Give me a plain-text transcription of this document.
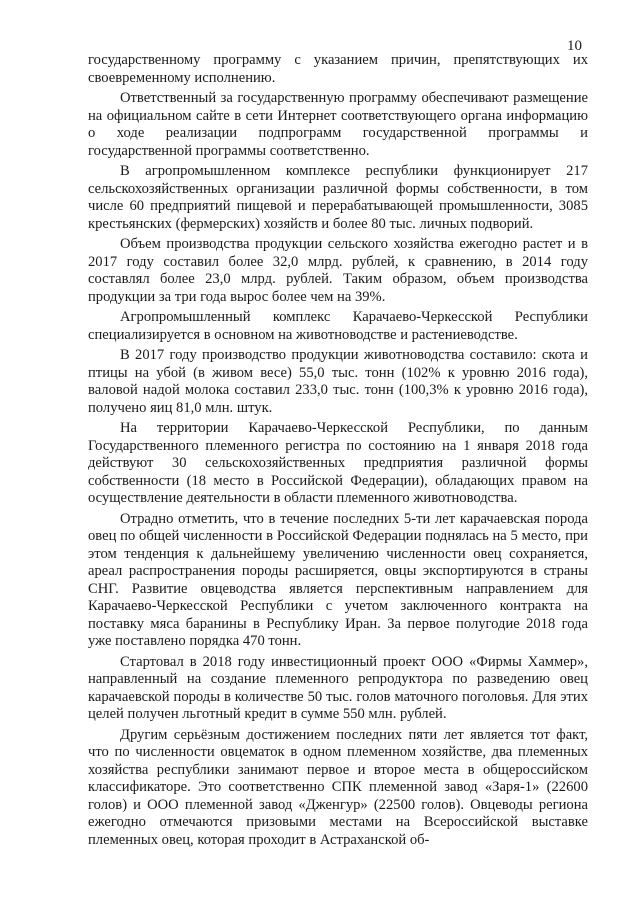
10

государственному программу с указанием причин, препятствующих их своевременному исполнению.

Ответственный за государственную программу обеспечивают размещение на официальном сайте в сети Интернет соответствующего органа информацию о ходе реализации подпрограмм государственной программы и государственной программы соответственно.

В агропромышленном комплексе республики функционирует 217 сельскохозяйственных организации различной формы собственности, в том числе 60 предприятий пищевой и перерабатывающей промышленности, 3085 крестьянских (фермерских) хозяйств и более 80 тыс. личных подворий.

Объем производства продукции сельского хозяйства ежегодно растет и в 2017 году составил более 32,0 млрд. рублей, к сравнению, в 2014 году составлял более 23,0 млрд. рублей. Таким образом, объем производства продукции за три года вырос более чем на 39%.

Агропромышленный комплекс Карачаево-Черкесской Республики специализируется в основном на животноводстве и растениеводстве.

В 2017 году производство продукции животноводства составило: скота и птицы на убой (в живом весе) 55,0 тыс. тонн (102% к уровню 2016 года), валовой надой молока составил 233,0 тыс. тонн (100,3% к уровню 2016 года), получено яиц 81,0 млн. штук.

На территории Карачаево-Черкесской Республики, по данным Государственного племенного регистра по состоянию на 1 января 2018 года действуют 30 сельскохозяйственных предприятия различной формы собственности (18 место в Российской Федерации), обладающих правом на осуществление деятельности в области племенного животноводства.

Отрадно отметить, что в течение последних 5-ти лет карачаевская порода овец по общей численности в Российской Федерации поднялась на 5 место, при этом тенденция к дальнейшему увеличению численности овец сохраняется, ареал распространения породы расширяется, овцы экспортируются в страны СНГ. Развитие овцеводства является перспективным направлением для Карачаево-Черкесской Республики с учетом заключенного контракта на поставку мяса баранины в Республику Иран. За первое полугодие 2018 года уже поставлено порядка 470 тонн.

Стартовал в 2018 году инвестиционный проект ООО «Фирмы Хаммер», направленный на создание племенного репродуктора по разведению овец карачаевской породы в количестве 50 тыс. голов маточного поголовья. Для этих целей получен льготный кредит в сумме 550 млн. рублей.

Другим серьёзным достижением последних пяти лет является тот факт, что по численности овцематок в одном племенном хозяйстве, два племенных хозяйства республики занимают первое и второе места в общероссийском классификаторе. Это соответственно СПК племенной завод «Заря-1» (22600 голов) и ООО племенной завод «Дженгур» (22500 голов). Овцеводы региона ежегодно отмечаются призовыми местами на Всероссийской выставке племенных овец, которая проходит в Астраханской об-
